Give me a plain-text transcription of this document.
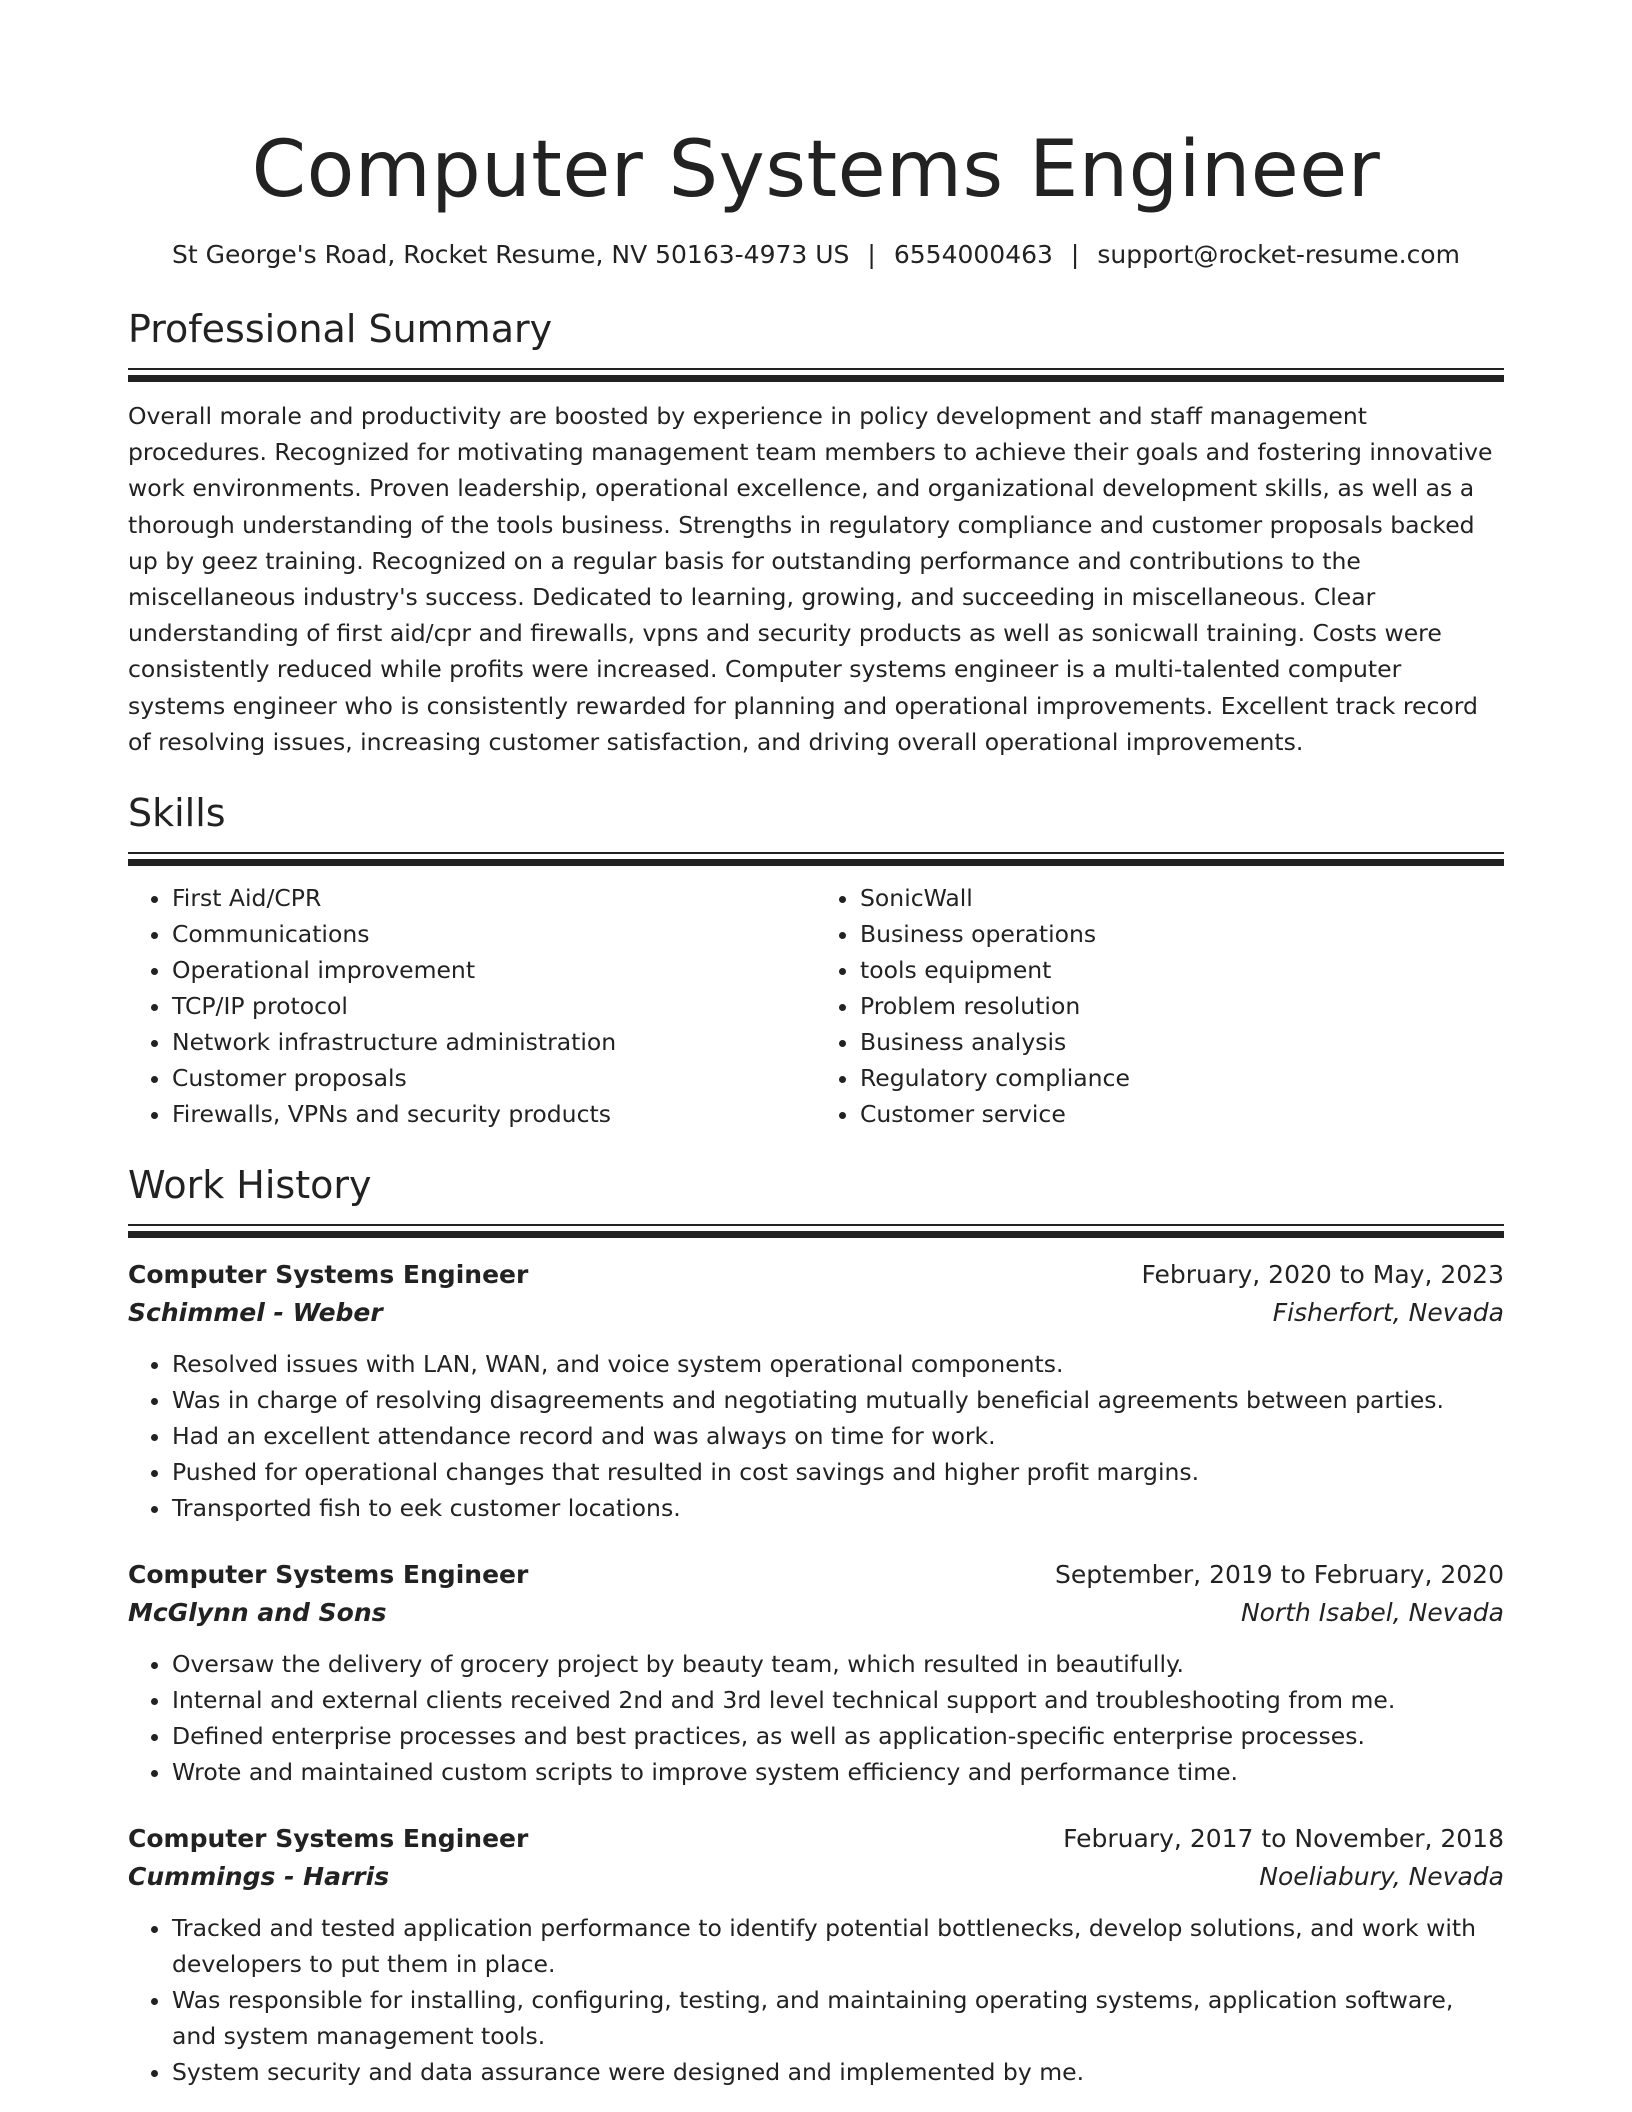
Computer Systems Engineer
St George's Road, Rocket Resume, NV 50163-4973 US | 6554000463 | support@rocket-resume.com
Professional Summary

Overall morale and productivity are boosted by experience in policy development and staff management procedures. Recognized for motivating management team members to achieve their goals and fostering innovative work environments. Proven leadership, operational excellence, and organizational development skills, as well as a thorough understanding of the tools business. Strengths in regulatory compliance and customer proposals backed up by geez training. Recognized on a regular basis for outstanding performance and contributions to the miscellaneous industry's success. Dedicated to learning, growing, and succeeding in miscellaneous. Clear understanding of first aid/cpr and firewalls, vpns and security products as well as sonicwall training. Costs were consistently reduced while profits were increased. Computer systems engineer is a multi-talented computer systems engineer who is consistently rewarded for planning and operational improvements. Excellent track record of resolving issues, increasing customer satisfaction, and driving overall operational improvements.

Skills
• First Aid/CPR
• Communications
• Operational improvement
• TCP/IP protocol
• Network infrastructure administration
• Customer proposals
• Firewalls, VPNs and security products
• SonicWall
• Business operations
• tools equipment
• Problem resolution
• Business analysis
• Regulatory compliance
• Customer service
Work History
Computer Systems Engineer	February, 2020 to May, 2023
Schimmel - Weber	Fisherfort, Nevada
• Resolved issues with LAN, WAN, and voice system operational components.
• Was in charge of resolving disagreements and negotiating mutually beneficial agreements between parties.
• Had an excellent attendance record and was always on time for work.
• Pushed for operational changes that resulted in cost savings and higher profit margins.
• Transported fish to eek customer locations.
Computer Systems Engineer	September, 2019 to February, 2020
McGlynn and Sons	North Isabel, Nevada
• Oversaw the delivery of grocery project by beauty team, which resulted in beautifully.
• Internal and external clients received 2nd and 3rd level technical support and troubleshooting from me.
• Defined enterprise processes and best practices, as well as application-specific enterprise processes.
• Wrote and maintained custom scripts to improve system efficiency and performance time.
Computer Systems Engineer	February, 2017 to November, 2018
Cummings - Harris	Noeliabury, Nevada
• Tracked and tested application performance to identify potential bottlenecks, develop solutions, and work with developers to put them in place.
• Was responsible for installing, configuring, testing, and maintaining operating systems, application software, and system management tools.
• System security and data assurance were designed and implemented by me.
